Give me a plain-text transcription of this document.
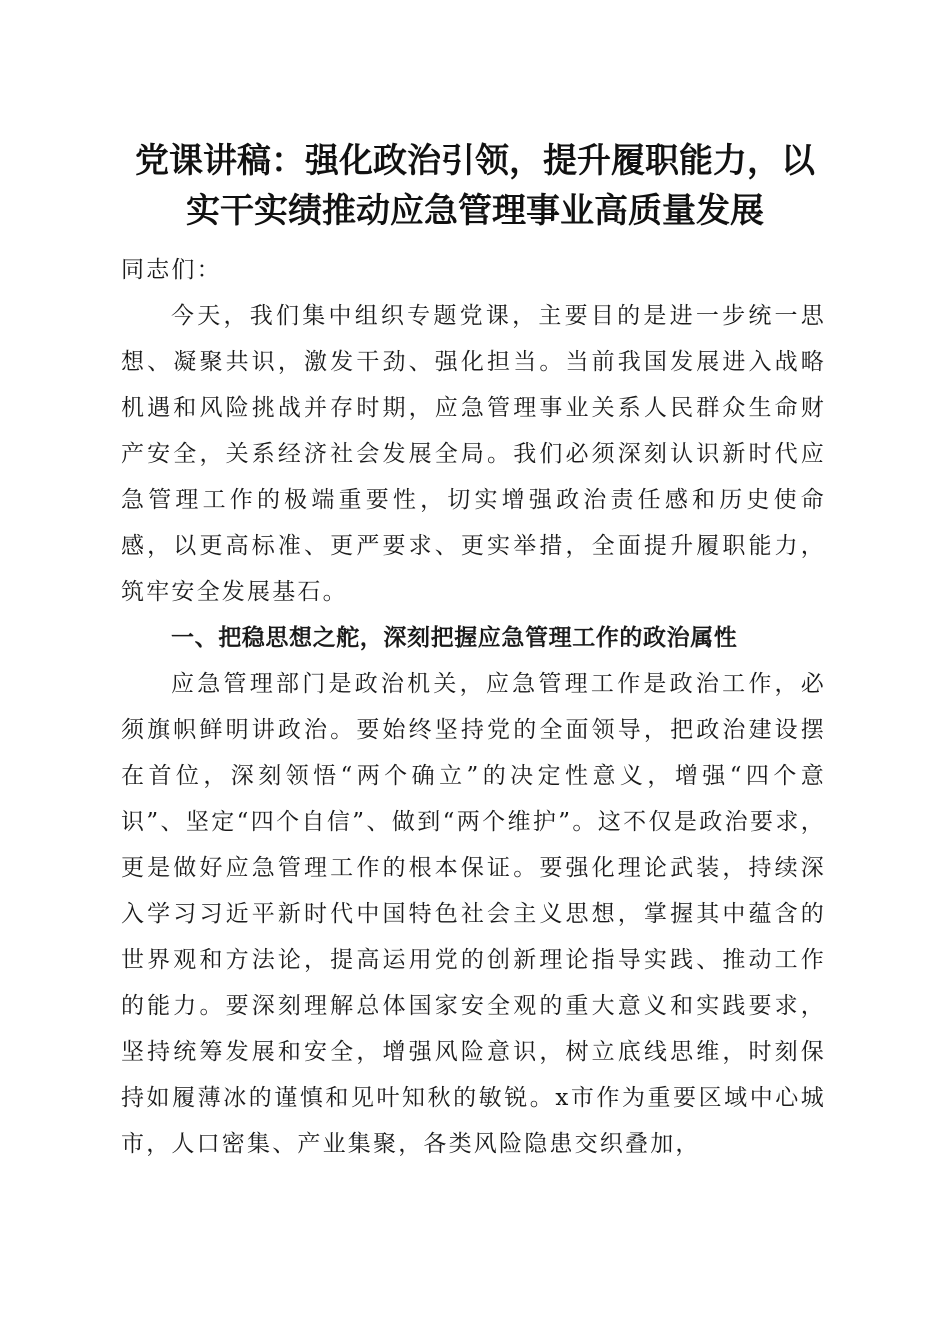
党课讲稿：强化政治引领，提升履职能力，以
实干实绩推动应急管理事业高质量发展

同志们：

今天，我们集中组织专题党课，主要目的是进一步统一思想、凝聚共识，激发干劲、强化担当。当前我国发展进入战略机遇和风险挑战并存时期，应急管理事业关系人民群众生命财产安全，关系经济社会发展全局。我们必须深刻认识新时代应急管理工作的极端重要性，切实增强政治责任感和历史使命感，以更高标准、更严要求、更实举措，全面提升履职能力，筑牢安全发展基石。

一、把稳思想之舵，深刻把握应急管理工作的政治属性

应急管理部门是政治机关，应急管理工作是政治工作，必须旗帜鲜明讲政治。要始终坚持党的全面领导，把政治建设摆在首位，深刻领悟“两个确立”的决定性意义，增强“四个意识”、坚定“四个自信”、做到“两个维护”。这不仅是政治要求，更是做好应急管理工作的根本保证。要强化理论武装，持续深入学习习近平新时代中国特色社会主义思想，掌握其中蕴含的世界观和方法论，提高运用党的创新理论指导实践、推动工作的能力。要深刻理解总体国家安全观的重大意义和实践要求，坚持统筹发展和安全，增强风险意识，树立底线思维，时刻保持如履薄冰的谨慎和见叶知秋的敏锐。x市作为重要区域中心城市，人口密集、产业集聚，各类风险隐患交织叠加，
